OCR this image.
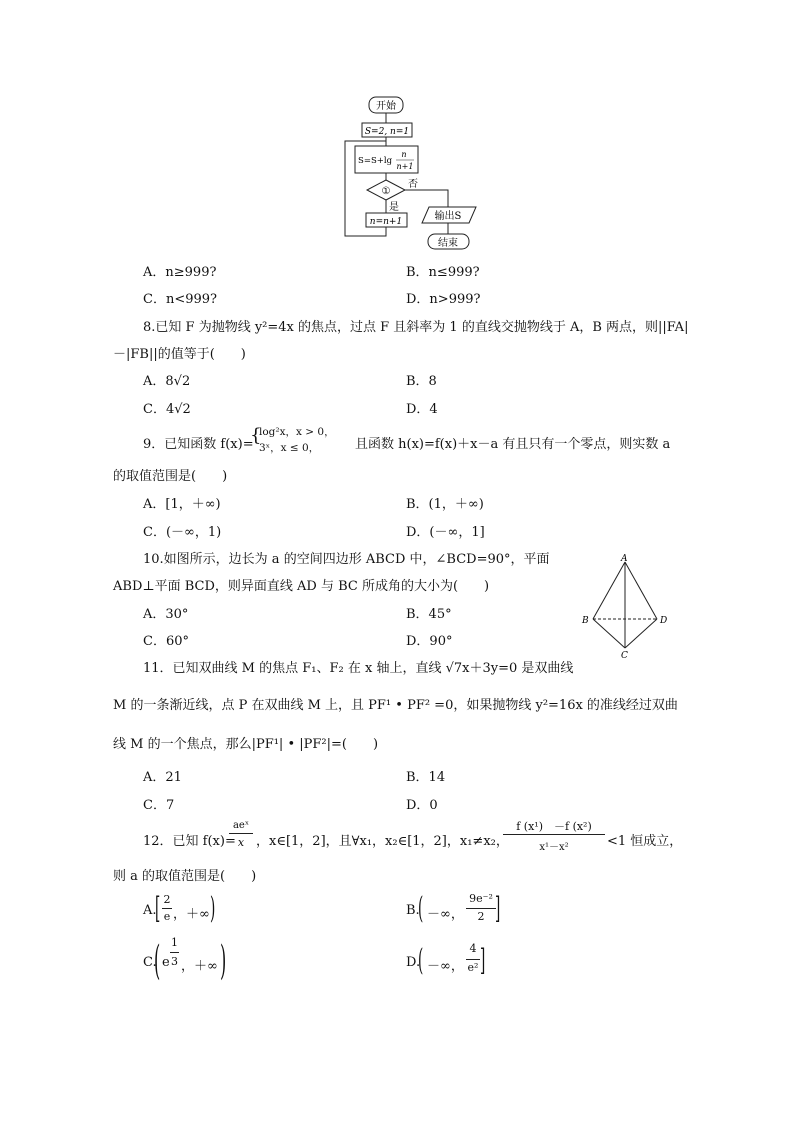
开始
S=2, n=1
S=S+lg
n
n+1
①
否
是
n=n+1	输出S
结束
A．n≥999?	B．n≤999?
C．n<999?	D．n>999?
8.已知 F 为抛物线 y²=4x 的焦点，过点 F 且斜率为 1 的直线交抛物线于 A，B 两点，则||FA|
－|FB||的值等于(　　)
A．8√2	B．8
C．4√2	D．4
9．已知函数 f(x)=
{
log²x，x > 0，
3ˣ，x ≤ 0，	且函数 h(x)=f(x)＋x－a 有且只有一个零点，则实数 a
的取值范围是(　　)
A．[1，＋∞)	B．(1，＋∞)
C．(－∞，1)	D．(－∞，1]
10.如图所示，边长为 a 的空间四边形 ABCD 中，∠BCD=90°，平面
ABD⊥平面 BCD，则异面直线 AD 与 BC 所成角的大小为(　　)
A．30°	B．45°
C．60°	D．90°
A
B
C
D
11．已知双曲线 M 的焦点 F₁、F₂ 在 x 轴上，直线 √7x＋3y=0 是双曲线
M 的一条渐近线，点 P 在双曲线 M 上，且 PF¹ • PF² =0，如果抛物线 y²=16x 的准线经过双曲
线 M 的一个焦点，那么|PF¹| • |PF²|=(　　)
A．21	B．14
C．7	D．0
12．已知 f(x)=
aeˣ
x ，x∈[1，2]，且∀x₁，x₂∈[1，2]，x₁≠x₂，
f (x¹)　－f (x²)
x¹－x²	<1 恒成立，
则 a 的取值范围是(　　)
A.
[ 2
e ，＋∞ )	B.
( －∞，
9e⁻²
2 ]
C.
( e
1
3 ，＋∞ )	D.
( －∞，
4
e² ]
